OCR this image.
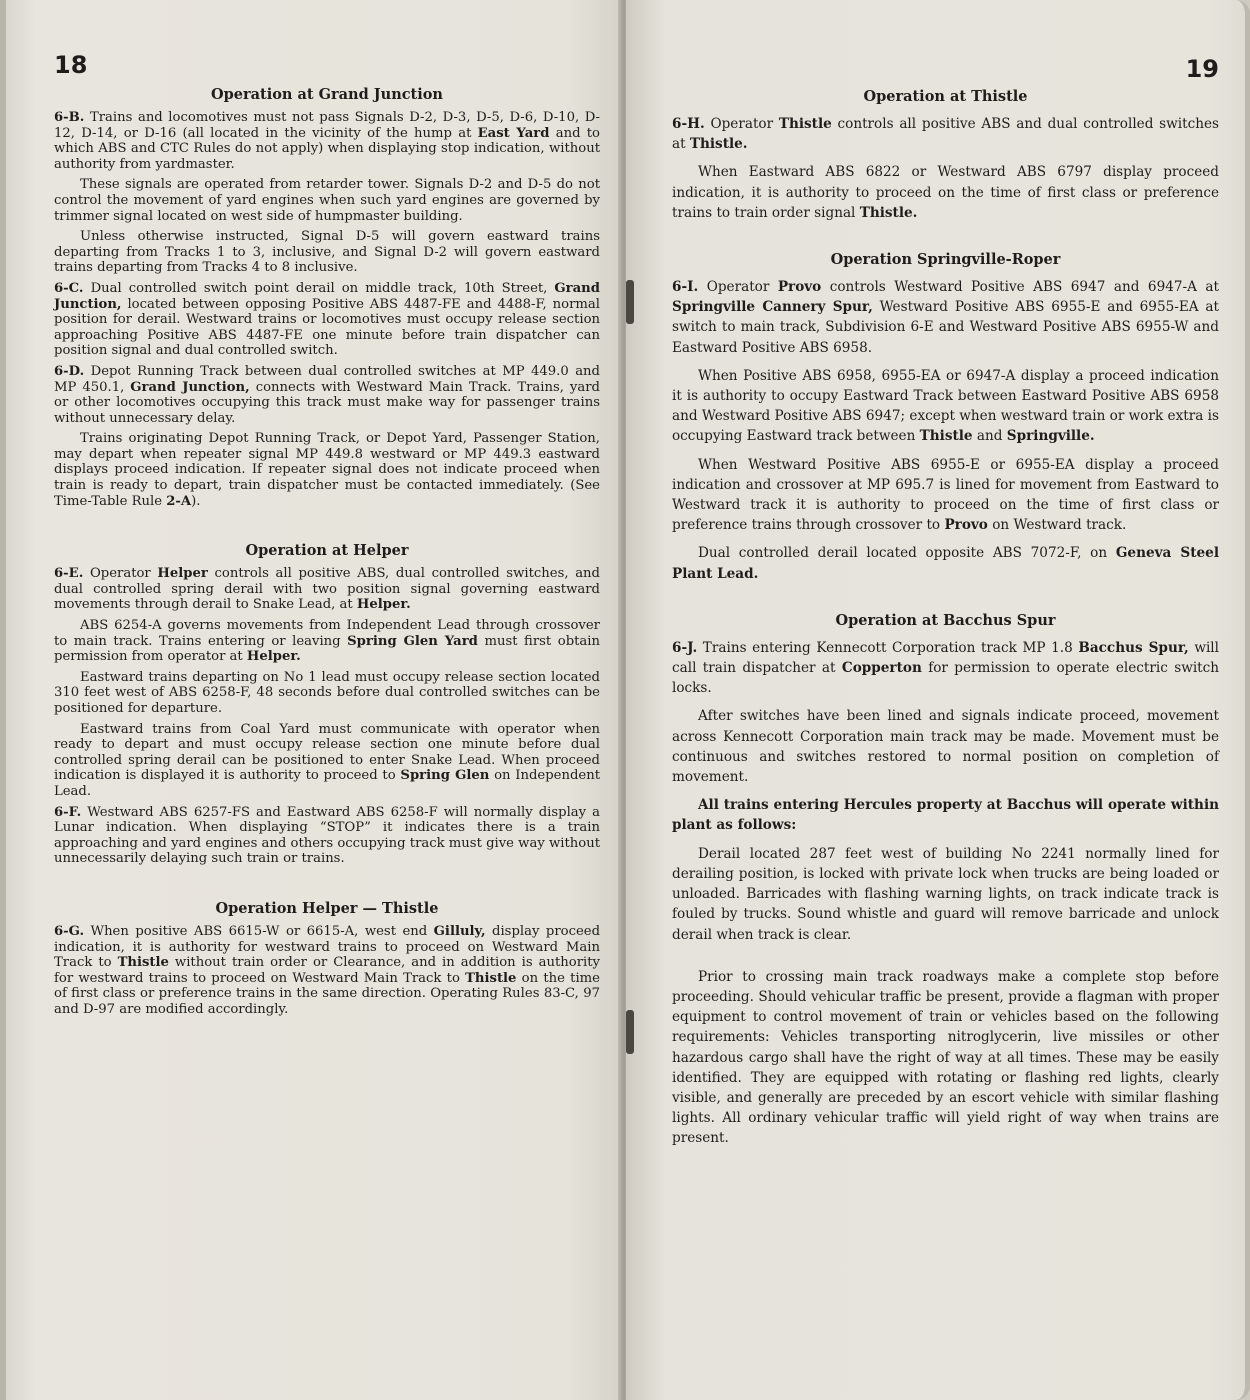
18
Operation at Grand Junction

6-B. Trains and locomotives must not pass Signals D-2, D-3, D-5, D-6, D-10, D-12, D-14, or D-16 (all located in the vicinity of the hump at East Yard and to which ABS and CTC Rules do not apply) when displaying stop indication, without authority from yardmaster.

These signals are operated from retarder tower. Signals D-2 and D-5 do not control the movement of yard engines when such yard engines are governed by trimmer signal located on west side of humpmaster building.

Unless otherwise instructed, Signal D-5 will govern eastward trains departing from Tracks 1 to 3, inclusive, and Signal D-2 will govern eastward trains departing from Tracks 4 to 8 inclusive.

6-C. Dual controlled switch point derail on middle track, 10th Street, Grand Junction, located between opposing Positive ABS 4487-FE and 4488-F, normal position for derail. Westward trains or locomotives must occupy release section approaching Positive ABS 4487-FE one minute before train dispatcher can position signal and dual controlled switch.

6-D. Depot Running Track between dual controlled switches at MP 449.0 and MP 450.1, Grand Junction, connects with Westward Main Track. Trains, yard or other locomotives occupying this track must make way for passenger trains without unnecessary delay.

Trains originating Depot Running Track, or Depot Yard, Passenger Station, may depart when repeater signal MP 449.8 westward or MP 449.3 eastward displays proceed indication. If repeater signal does not indicate proceed when train is ready to depart, train dispatcher must be contacted immediately. (See Time-Table Rule 2-A).

Operation at Helper

6-E. Operator Helper controls all positive ABS, dual controlled switches, and dual controlled spring derail with two position signal governing eastward movements through derail to Snake Lead, at Helper.

ABS 6254-A governs movements from Independent Lead through crossover to main track. Trains entering or leaving Spring Glen Yard must first obtain permission from operator at Helper.

Eastward trains departing on No 1 lead must occupy release section located 310 feet west of ABS 6258-F, 48 seconds before dual controlled switches can be positioned for departure.

Eastward trains from Coal Yard must communicate with operator when ready to depart and must occupy release section one minute before dual controlled spring derail can be positioned to enter Snake Lead. When proceed indication is displayed it is authority to proceed to Spring Glen on Independent Lead.

6-F. Westward ABS 6257-FS and Eastward ABS 6258-F will normally display a Lunar indication. When displaying “STOP” it indicates there is a train approaching and yard engines and others occupying track must give way without unnecessarily delaying such train or trains.

Operation Helper — Thistle

6-G. When positive ABS 6615-W or 6615-A, west end Gilluly, display proceed indication, it is authority for westward trains to proceed on Westward Main Track to Thistle without train order or Clearance, and in addition is authority for westward trains to proceed on Westward Main Track to Thistle on the time of first class or preference trains in the same direction. Operating Rules 83-C, 97 and D-97 are modified accordingly.

19
Operation at Thistle

6-H. Operator Thistle controls all positive ABS and dual controlled switches at Thistle.

When Eastward ABS 6822 or Westward ABS 6797 display proceed indication, it is authority to proceed on the time of first class or preference trains to train order signal Thistle.

Operation Springville-Roper

6-I. Operator Provo controls Westward Positive ABS 6947 and 6947-A at Springville Cannery Spur, Westward Positive ABS 6955-E and 6955-EA at switch to main track, Subdivision 6-E and Westward Positive ABS 6955-W and Eastward Positive ABS 6958.

When Positive ABS 6958, 6955-EA or 6947-A display a proceed indication it is authority to occupy Eastward Track between Eastward Positive ABS 6958 and Westward Positive ABS 6947; except when westward train or work extra is occupying Eastward track between Thistle and Springville.

When Westward Positive ABS 6955-E or 6955-EA display a proceed indication and crossover at MP 695.7 is lined for movement from Eastward to Westward track it is authority to proceed on the time of first class or preference trains through crossover to Provo on Westward track.

Dual controlled derail located opposite ABS 7072-F, on Geneva Steel Plant Lead.

Operation at Bacchus Spur

6-J. Trains entering Kennecott Corporation track MP 1.8 Bacchus Spur, will call train dispatcher at Copperton for permission to operate electric switch locks.

After switches have been lined and signals indicate proceed, movement across Kennecott Corporation main track may be made. Movement must be continuous and switches restored to normal position on completion of movement.

All trains entering Hercules property at Bacchus will operate within plant as follows:

Derail located 287 feet west of building No 2241 normally lined for derailing position, is locked with private lock when trucks are being loaded or unloaded. Barricades with flashing warning lights, on track indicate track is fouled by trucks. Sound whistle and guard will remove barricade and unlock derail when track is clear.

Prior to crossing main track roadways make a complete stop before proceeding. Should vehicular traffic be present, provide a flagman with proper equipment to control movement of train or vehicles based on the following requirements: Vehicles transporting nitroglycerin, live missiles or other hazardous cargo shall have the right of way at all times. These may be easily identified. They are equipped with rotating or flashing red lights, clearly visible, and generally are preceded by an escort vehicle with similar flashing lights. All ordinary vehicular traffic will yield right of way when trains are present.
